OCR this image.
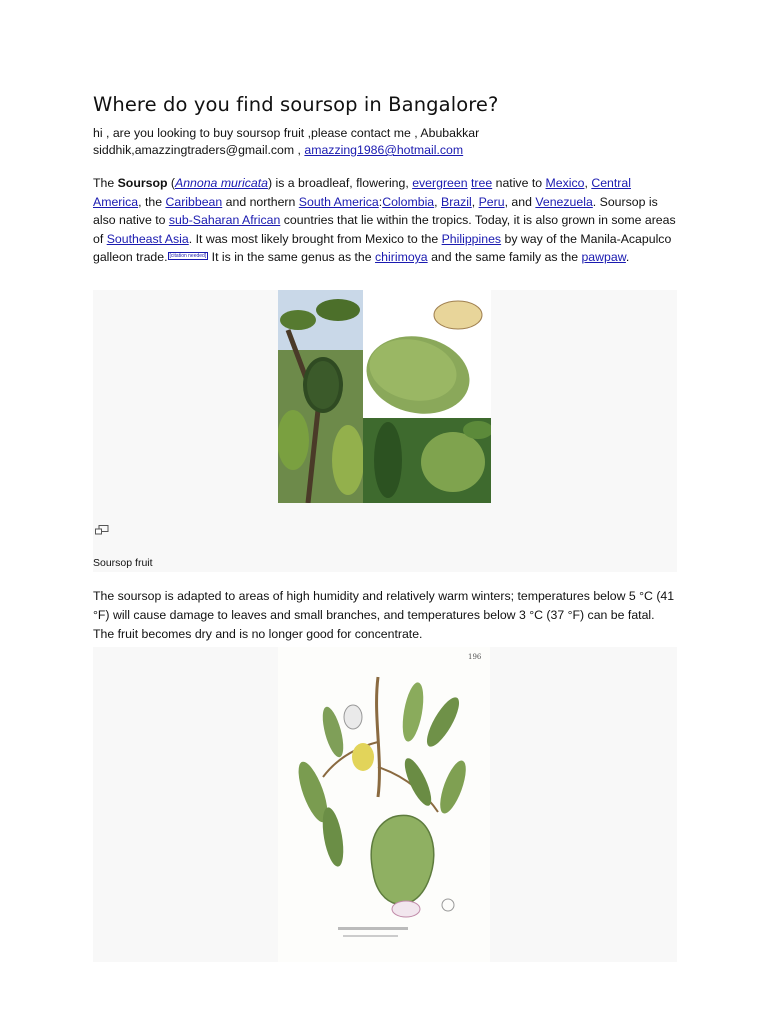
Where do you find soursop in Bangalore?
hi , are you looking to buy soursop fruit ,please contact me , Abubakkar siddhik,amazzingtraders@gmail.com , amazzing1986@hotmail.com

The Soursop (Annona muricata) is a broadleaf, flowering, evergreen tree native to Mexico, Central America, the Caribbean and northern South America:Colombia, Brazil, Peru, and Venezuela. Soursop is also native to sub-Saharan African countries that lie within the tropics. Today, it is also grown in some areas of Southeast Asia. It was most likely brought from Mexico to the Philippines by way of the Manila-Acapulco galleon trade. [citation needed] It is in the same genus as the chirimoya and the same family as the pawpaw.

Soursop fruit

The soursop is adapted to areas of high humidity and relatively warm winters; temperatures below 5 °C (41 °F) will cause damage to leaves and small branches, and temperatures below 3 °C (37 °F) can be fatal. The fruit becomes dry and is no longer good for concentrate.

196
